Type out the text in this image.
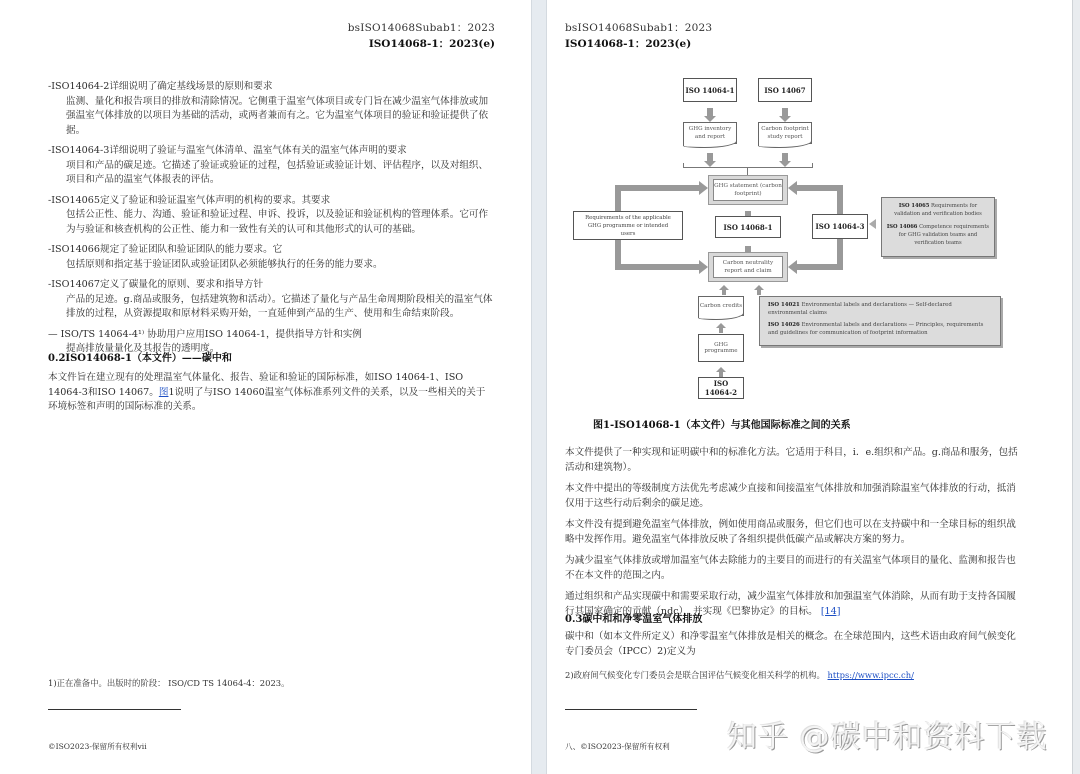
bsISO14068Subab1：2023
ISO14068-1：2023(e)
-ISO14064-2详细说明了确定基线场景的原则和要求
监测、量化和报告项目的排放和清除情况。它侧重于温室气体项目或专门旨在减少温室气体排放或加强温室气体排放的以项目为基础的活动，或两者兼而有之。它为温室气体项目的验证和验证提供了依据。
-ISO14064-3详细说明了验证与温室气体清单、温室气体有关的温室气体声明的要求
项目和产品的碳足迹。它描述了验证或验证的过程，包括验证或验证计划、评估程序，以及对组织、项目和产品的温室气体报表的评估。
-ISO14065定义了验证和验证温室气体声明的机构的要求。其要求
包括公正性、能力、沟通、验证和验证过程、申诉、投诉，以及验证和验证机构的管理体系。它可作为与验证和核查机构的公正性、能力和一致性有关的认可和其他形式的认可的基础。
-ISO14066规定了验证团队和验证团队的能力要求。它
包括原则和指定基于验证团队或验证团队必须能够执行的任务的能力要求。
-ISO14067定义了碳量化的原则、要求和指导方针
产品的足迹。g.商品或服务，包括建筑物和活动）。它描述了量化与产品生命周期阶段相关的温室气体排放的过程，从资源提取和原材料采购开始，一直延伸到产品的生产、使用和生命结束阶段。
— ISO/TS 14064-4¹⁾ 协助用户应用ISO 14064-1，提供指导方针和实例
提高排放量量化及其报告的透明度。
0.2ISO14068-1（本文件）——碳中和
本文件旨在建立现有的处理温室气体量化、报告、验证和验证的国际标准，如ISO 14064-1、ISO 14064-3和ISO 14067。图1说明了与ISO 14060温室气体标准系列文件的关系，以及一些相关的关于环境标签和声明的国际标准的关系。
1)正在准备中。出版时的阶段： ISO/CD TS 14064-4：2023。
©ISO2023-保留所有权利vii
bsISO14068Subab1：2023
ISO14068-1：2023(e)
ISO 14064-1	ISO 14067
GHG inventory and report
Carbon footprint study report
GHG statement (carbon footprint)
Requirements of the applicable GHG programme or intended users
ISO 14068-1	ISO 14064-3
ISO 14065 Requirements for validation and verification bodies
ISO 14066 Competence requirements for GHG validation teams and verification teams
Carbon neutrality report and claim
Carbon credits	ISO 14021 Environmental labels and declarations — Self-declared environmental claims
ISO 14026 Environmental labels and declarations — Principles, requirements and guidelines for communication of footprint information
GHG programme
ISO 14064-2
图1-ISO14068-1（本文件）与其他国际标准之间的关系
本文件提供了一种实现和证明碳中和的标准化方法。它适用于科目，i．e.组织和产品。g.商品和服务，包括活动和建筑物）。
本文件中提出的等级制度方法优先考虑减少直接和间接温室气体排放和加强消除温室气体排放的行动，抵消仅用于这些行动后剩余的碳足迹。
本文件没有提到避免温室气体排放，例如使用商品或服务，但它们也可以在支持碳中和一全球目标的组织战略中发挥作用。避免温室气体排放反映了各组织提供低碳产品或解决方案的努力。
为减少温室气体排放或增加温室气体去除能力的主要目的而进行的有关温室气体项目的量化、监测和报告也不在本文件的范围之内。
通过组织和产品实现碳中和需要采取行动，减少温室气体排放和加强温室气体消除，从而有助于支持各国履行其国家确定的贡献（ndc），并实现《巴黎协定》的目标。 [14]
0.3碳中和和净零温室气体排放
碳中和（如本文件所定义）和净零温室气体排放是相关的概念。在全球范围内，这些术语由政府间气候变化专门委员会（IPCC）2)定义为
2)政府间气候变化专门委员会是联合国评估气候变化相关科学的机构。 https://www.ipcc.ch/
八、©ISO2023-保留所有权利 知乎 @碳中和资料下载
